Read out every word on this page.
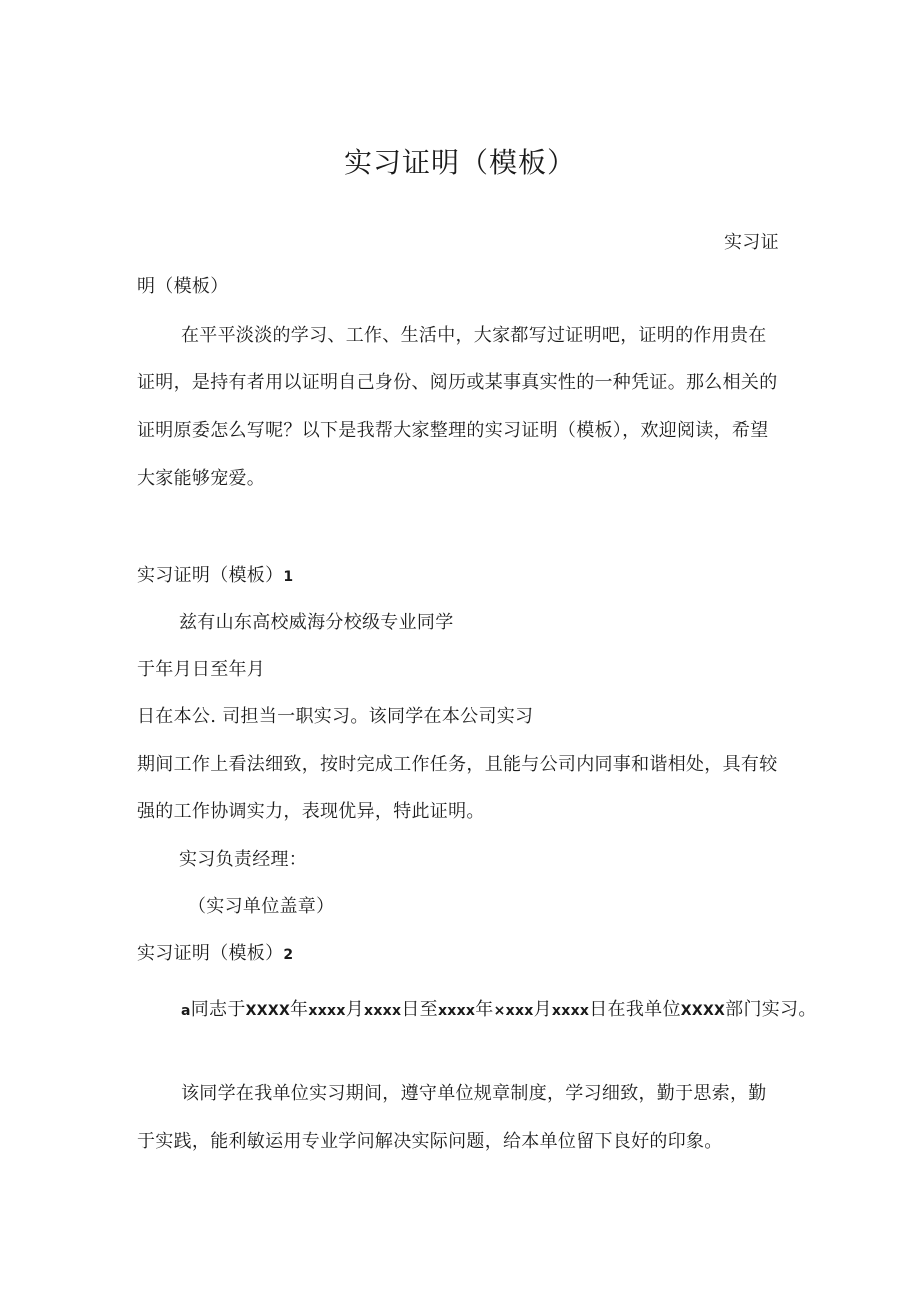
实习证明（模板）
实习证
明（模板）
在平平淡淡的学习、工作、生活中，大家都写过证明吧，证明的作用贵在
证明，是持有者用以证明自己身份、阅历或某事真实性的一种凭证。那么相关的
证明原委怎么写呢？以下是我帮大家整理的实习证明（模板），欢迎阅读，希望
大家能够宠爱。
实习证明（模板）1
兹有山东高校威海分校级专业同学
于年月日至年月
日在本公. 司担当一职实习。该同学在本公司实习
期间工作上看法细致，按时完成工作任务，且能与公司内同事和谐相处，具有较
强的工作协调实力，表现优异，特此证明。
实习负责经理：
（实习单位盖章）
实习证明（模板）2
a同志于XXXX年xxxx月xxxx日至xxxx年×xxx月xxxx日在我单位XXXX部门实习。
该同学在我单位实习期间，遵守单位规章制度，学习细致，勤于思索，勤
于实践，能利敏运用专业学问解决实际问题，给本单位留下良好的印象。
